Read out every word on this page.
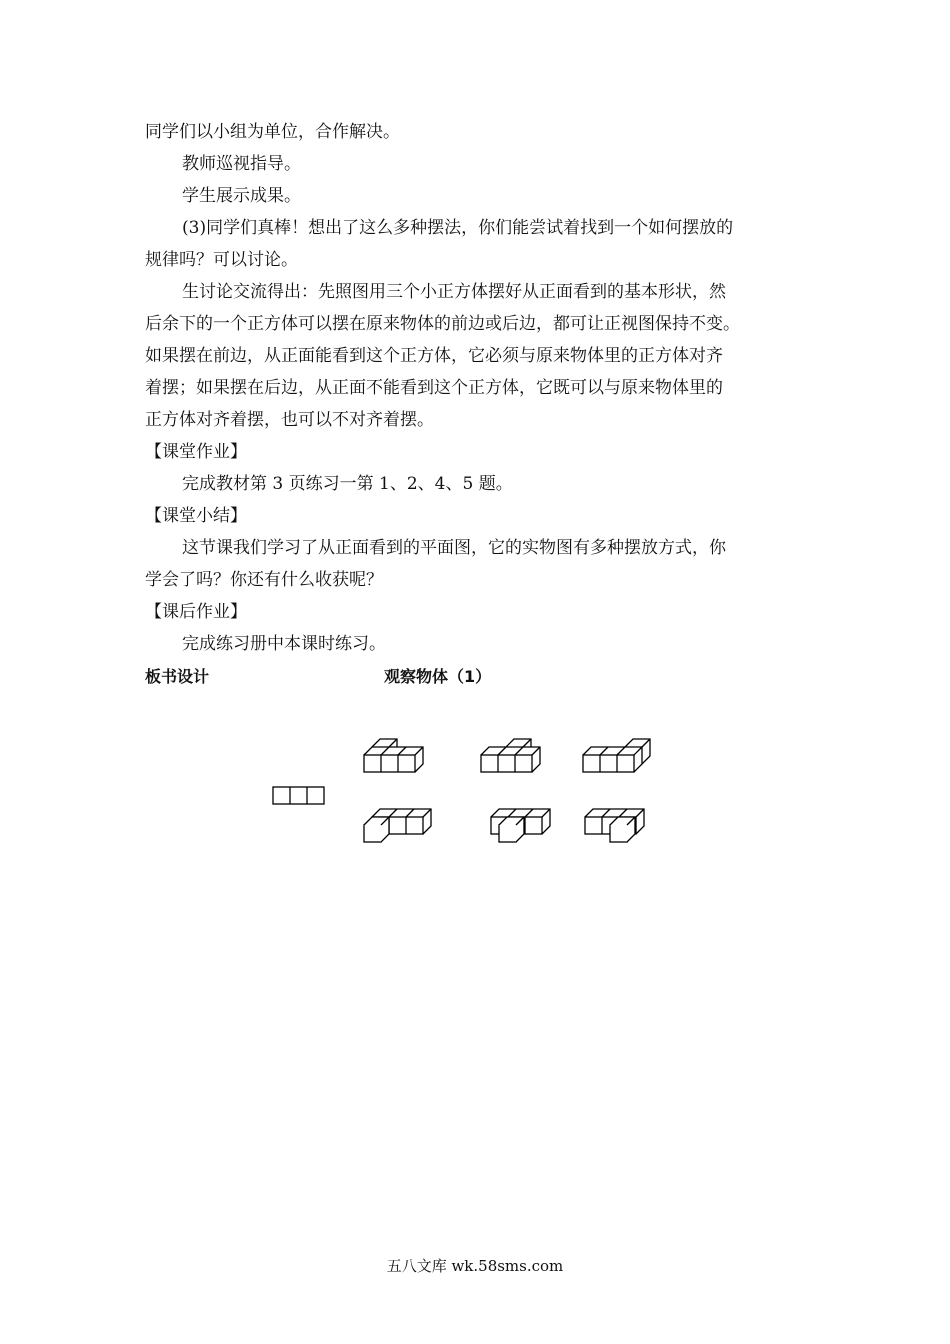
同学们以小组为单位，合作解决。
教师巡视指导。
学生展示成果。
(3)同学们真棒！想出了这么多种摆法，你们能尝试着找到一个如何摆放的
规律吗？可以讨论。
生讨论交流得出：先照图用三个小正方体摆好从正面看到的基本形状，然
后余下的一个正方体可以摆在原来物体的前边或后边，都可让正视图保持不变。
如果摆在前边，从正面能看到这个正方体，它必须与原来物体里的正方体对齐
着摆；如果摆在后边，从正面不能看到这个正方体，它既可以与原来物体里的
正方体对齐着摆，也可以不对齐着摆。
【课堂作业】
完成教材第 3 页练习一第 1、2、4、5 题。
【课堂小结】
这节课我们学习了从正面看到的平面图，它的实物图有多种摆放方式，你
学会了吗？你还有什么收获呢？
【课后作业】
完成练习册中本课时练习。
板书设计	观察物体（1）
五八文库 wk.58sms.com
